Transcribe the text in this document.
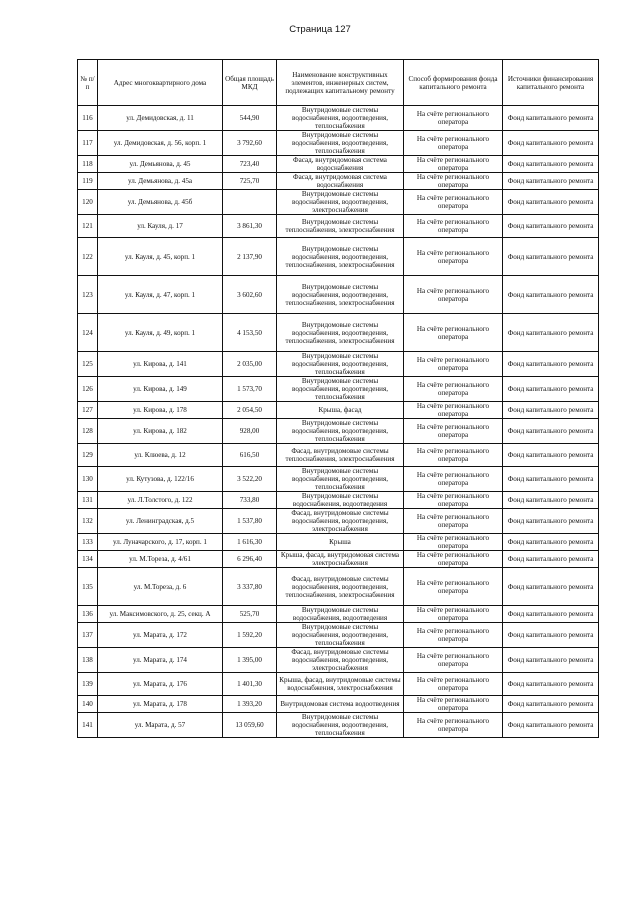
Страница 127
№ п/п	Адрес многоквартирного дома	Общая площадь МКД	Наименование конструктивных элементов, инженерных систем, подлежащих капитальному ремонту	Способ формирования фонда капитального ремонта	Источники финансирования капитального ремонта
116	ул. Демидовская, д. 11	544,90	Внутридомовые системы водоснабжения, водоотведения, теплоснабжения	На счёте регионального оператора	Фонд капитального ремонта
117	ул. Демидовская, д. 56, корп. 1	3 792,60	Внутридомовые системы водоснабжения, водоотведения, теплоснабжения	На счёте регионального оператора	Фонд капитального ремонта
118	ул. Демьянова, д. 45	723,40	Фасад, внутридомовая система водоснабжения	На счёте регионального оператора	Фонд капитального ремонта
119	ул. Демьянова, д. 45а	725,70	Фасад, внутридомовая система водоснабжения	На счёте регионального оператора	Фонд капитального ремонта
120	ул. Демьянова, д. 45б		Внутридомовые системы водоснабжения, водоотведения, электроснабжения	На счёте регионального оператора	Фонд капитального ремонта
121	ул. Кауля, д. 17	3 861,30	Внутридомовые системы теплоснабжения, электроснабжения	На счёте регионального оператора	Фонд капитального ремонта
122	ул. Кауля, д. 45, корп. 1	2 137,90	Внутридомовые системы водоснабжения, водоотведения, теплоснабжения, электроснабжения	На счёте регионального оператора	Фонд капитального ремонта
123	ул. Кауля, д. 47, корп. 1	3 602,60	Внутридомовые системы водоснабжения, водоотведения, теплоснабжения, электроснабжения	На счёте регионального оператора	Фонд капитального ремонта
124	ул. Кауля, д. 49, корп. 1	4 153,50	Внутридомовые системы водоснабжения, водоотведения, теплоснабжения, электроснабжения	На счёте регионального оператора	Фонд капитального ремонта
125	ул. Кирова, д. 141	2 035,00	Внутридомовые системы водоснабжения, водоотведения, теплоснабжения	На счёте регионального оператора	Фонд капитального ремонта
126	ул. Кирова, д. 149	1 573,70	Внутридомовые системы водоснабжения, водоотведения, теплоснабжения	На счёте регионального оператора	Фонд капитального ремонта
127	ул. Кирова, д. 178	2 054,50	Крыша, фасад	На счёте регионального оператора	Фонд капитального ремонта
128	ул. Кирова, д. 182	928,00	Внутридомовые системы водоснабжения, водоотведения, теплоснабжения	На счёте регионального оператора	Фонд капитального ремонта
129	ул. Клюева, д. 12	616,50	Фасад, внутридомовые системы теплоснабжения, электроснабжения	На счёте регионального оператора	Фонд капитального ремонта
130	ул. Кутузова, д. 122/16	3 522,20	Внутридомовые системы водоснабжения, водоотведения, теплоснабжения	На счёте регионального оператора	Фонд капитального ремонта
131	ул. Л.Толстого, д. 122	733,80	Внутридомовые системы водоснабжения, водоотведения	На счёте регионального оператора	Фонд капитального ремонта
132	ул. Ленинградская, д.5	1 537,80	Фасад, внутридомовые системы водоснабжения, водоотведения, электроснабжения	На счёте регионального оператора	Фонд капитального ремонта
133	ул. Луначарского, д. 17, корп. 1	1 616,30	Крыша	На счёте регионального оператора	Фонд капитального ремонта
134	ул. М.Тореза, д. 4/61	6 296,40	Крыша, фасад, внутридомовая система электроснабжения	На счёте регионального оператора	Фонд капитального ремонта
135	ул. М.Тореза, д. 6	3 337,80	Фасад, внутридомовые системы водоснабжения, водоотведения, теплоснабжения, электроснабжения	На счёте регионального оператора	Фонд капитального ремонта
136	ул. Максимовского, д. 25, секц. А	525,70	Внутридомовые системы водоснабжения, водоотведения	На счёте регионального оператора	Фонд капитального ремонта
137	ул. Марата, д. 172	1 592,20	Внутридомовые системы водоснабжения, водоотведения, теплоснабжения	На счёте регионального оператора	Фонд капитального ремонта
138	ул. Марата, д. 174	1 395,00	Фасад, внутридомовые системы водоснабжения, водоотведения, электроснабжения	На счёте регионального оператора	Фонд капитального ремонта
139	ул. Марата, д. 176	1 401,30	Крыша, фасад, внутридомовые системы водоснабжения, электроснабжения	На счёте регионального оператора	Фонд капитального ремонта
140	ул. Марата, д. 178	1 393,20	Внутридомовая система водоотведения	На счёте регионального оператора	Фонд капитального ремонта
141	ул. Марата, д. 57	13 059,60	Внутридомовые системы водоснабжения, водоотведения, теплоснабжения	На счёте регионального оператора	Фонд капитального ремонта
